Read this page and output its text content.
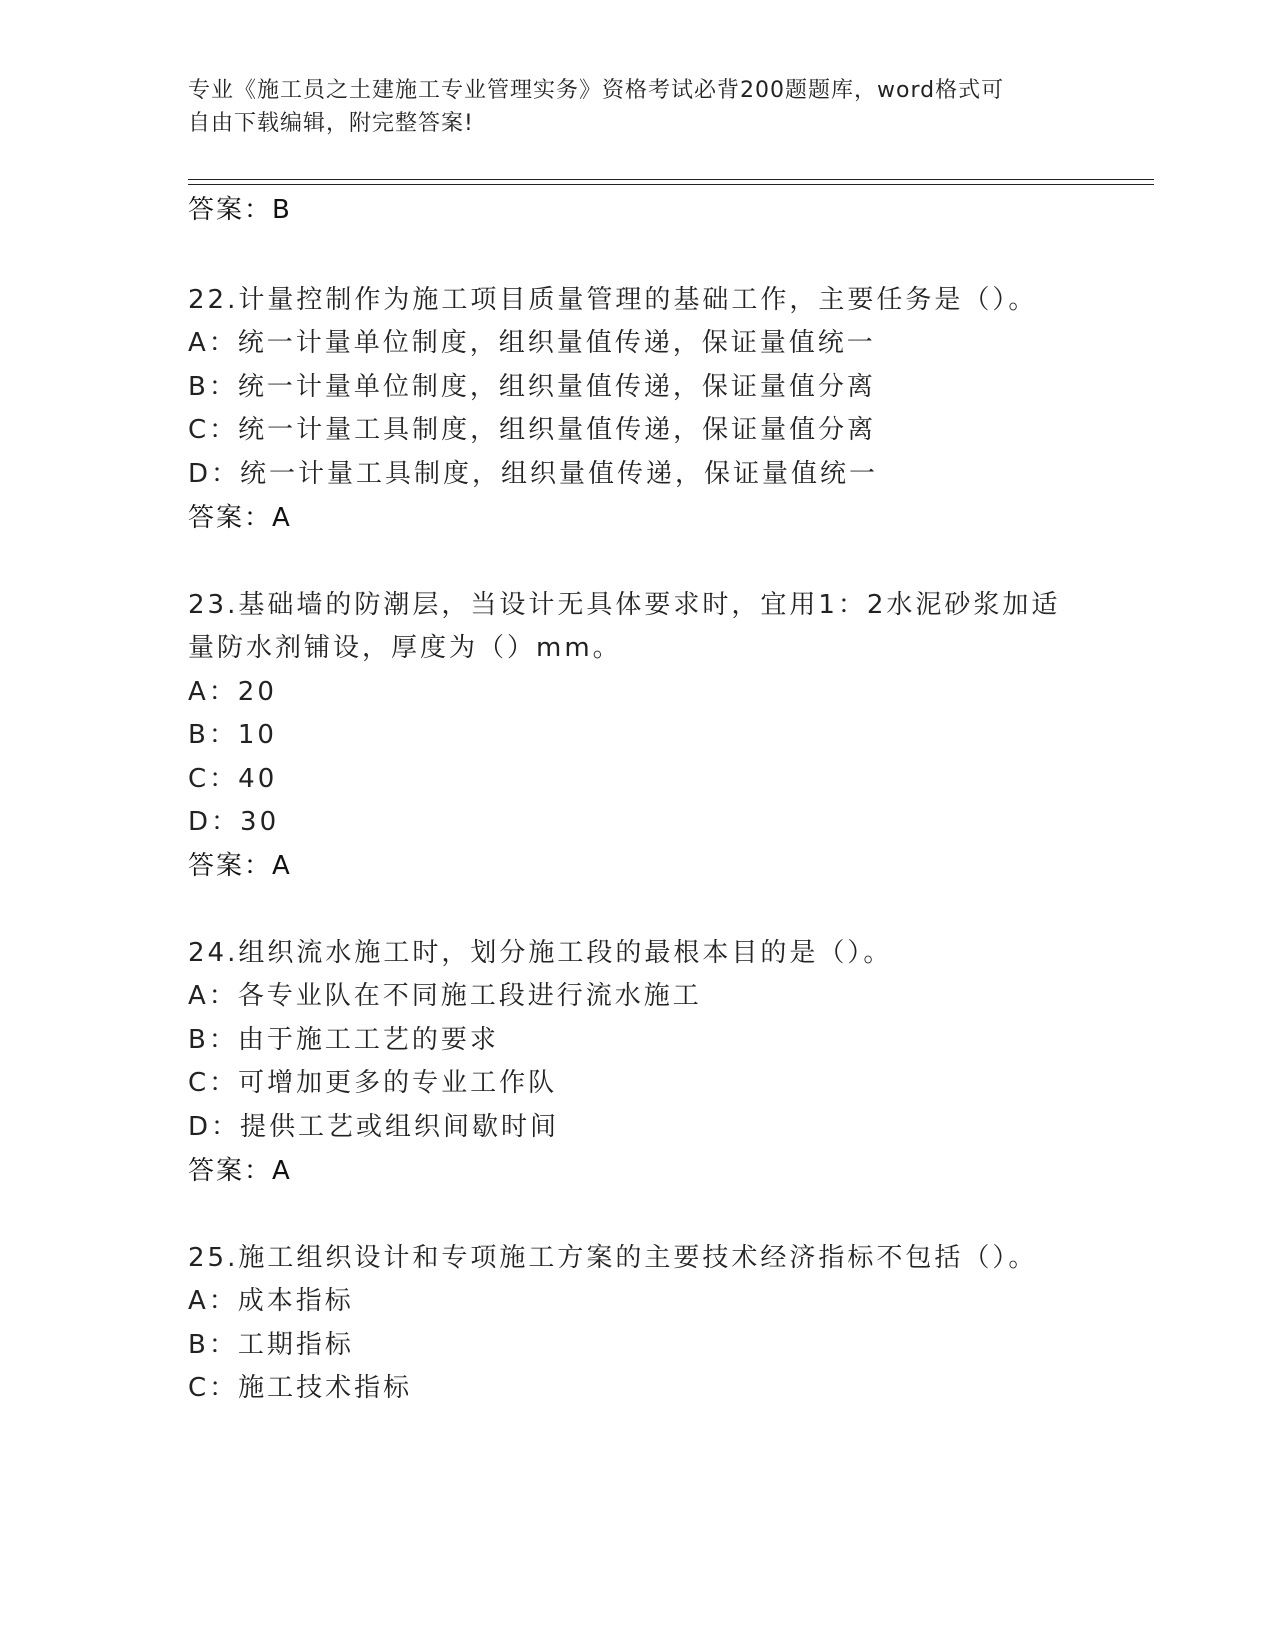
专业《施工员之土建施工专业管理实务》资格考试必背200题题库，word格式可
自由下载编辑，附完整答案!
答案：B
22.计量控制作为施工项目质量管理的基础工作，主要任务是（）。
A：统一计量单位制度，组织量值传递，保证量值统一
B：统一计量单位制度，组织量值传递，保证量值分离
C：统一计量工具制度，组织量值传递，保证量值分离
D：统一计量工具制度，组织量值传递，保证量值统一
答案：A
23.基础墙的防潮层，当设计无具体要求时，宜用1：2水泥砂浆加适
量防水剂铺设，厚度为（）mm。
A：20
B：10
C：40
D：30
答案：A
24.组织流水施工时，划分施工段的最根本目的是（）。
A：各专业队在不同施工段进行流水施工
B：由于施工工艺的要求
C：可增加更多的专业工作队
D：提供工艺或组织间歇时间
答案：A
25.施工组织设计和专项施工方案的主要技术经济指标不包括（）。
A：成本指标
B：工期指标
C：施工技术指标
